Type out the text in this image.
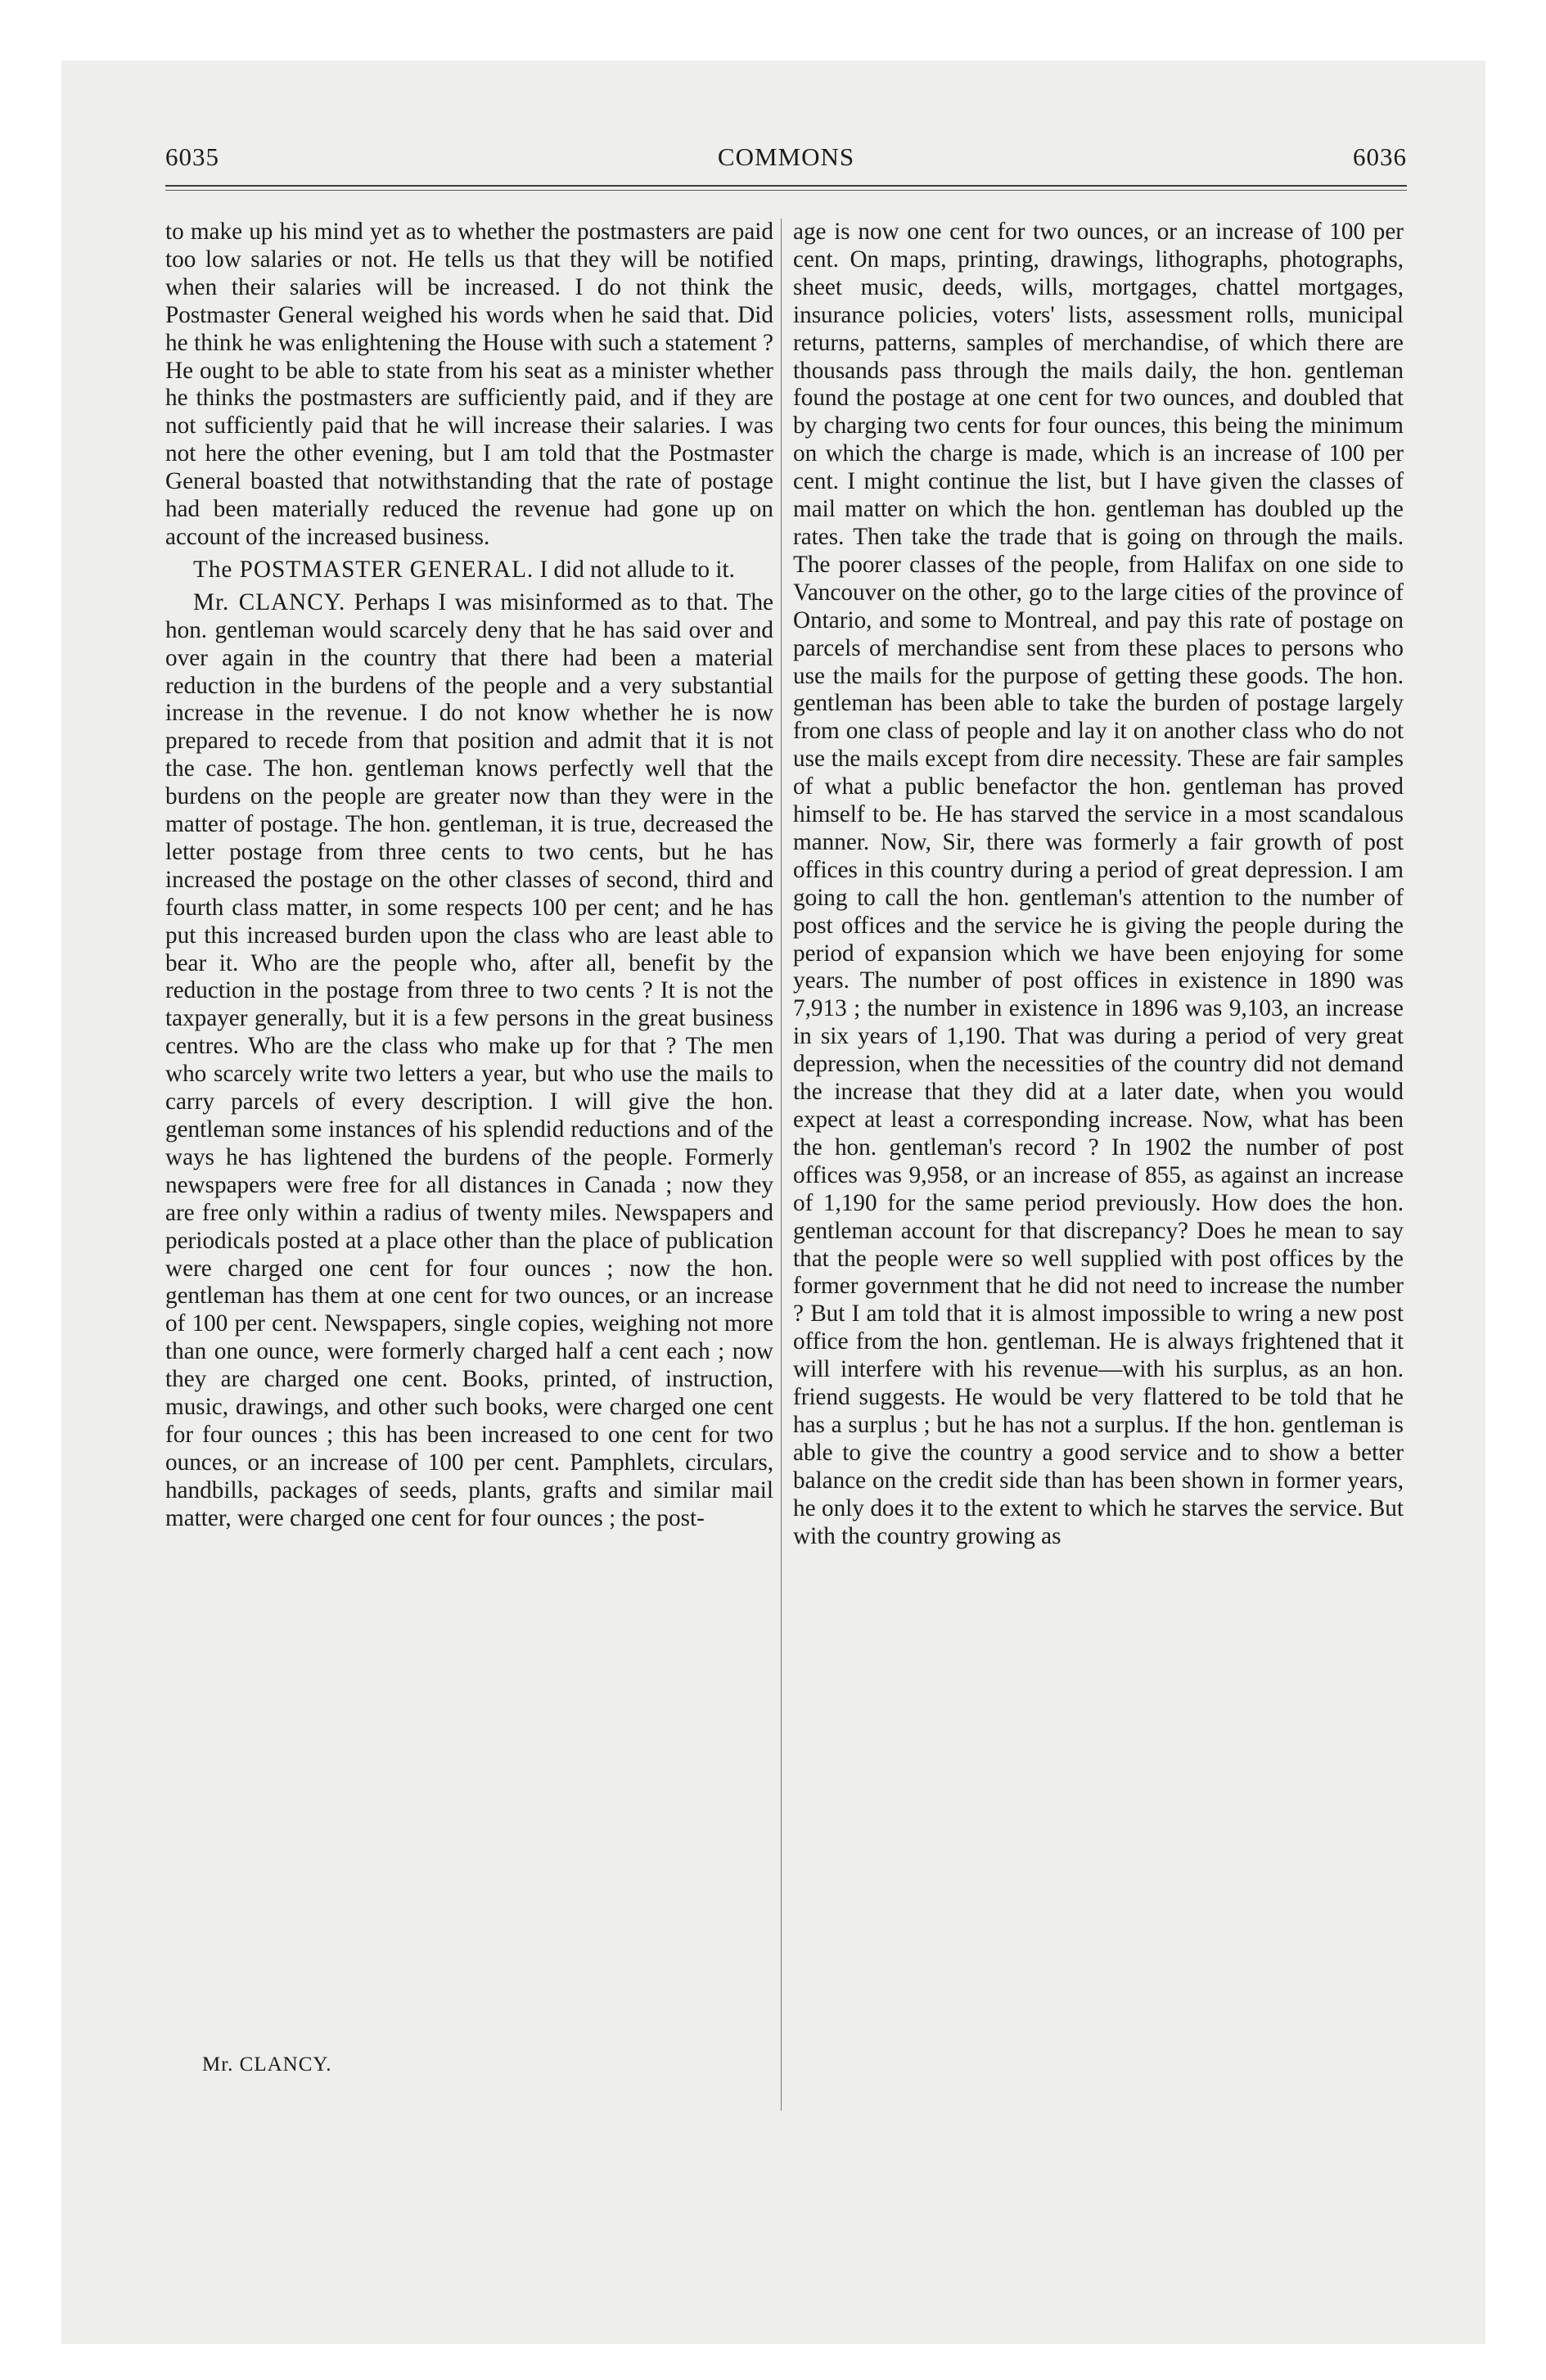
6035	COMMONS	6036

to make up his mind yet as to whether the postmasters are paid too low salaries or not. He tells us that they will be notified when their salaries will be increased. I do not think the Postmaster General weighed his words when he said that. Did he think he was enlightening the House with such a statement ? He ought to be able to state from his seat as a minister whether he thinks the postmasters are sufficiently paid, and if they are not sufficiently paid that he will increase their salaries. I was not here the other evening, but I am told that the Postmaster General boasted that notwithstanding that the rate of postage had been materially reduced the revenue had gone up on account of the increased business.

The POSTMASTER GENERAL. I did not allude to it.

Mr. CLANCY. Perhaps I was misinformed as to that. The hon. gentleman would scarcely deny that he has said over and over again in the country that there had been a material reduction in the burdens of the people and a very substantial increase in the revenue. I do not know whether he is now prepared to recede from that position and admit that it is not the case. The hon. gentleman knows perfectly well that the burdens on the people are greater now than they were in the matter of postage. The hon. gentleman, it is true, decreased the letter postage from three cents to two cents, but he has increased the postage on the other classes of second, third and fourth class matter, in some respects 100 per cent; and he has put this increased burden upon the class who are least able to bear it. Who are the people who, after all, benefit by the reduction in the postage from three to two cents ? It is not the taxpayer generally, but it is a few persons in the great business centres. Who are the class who make up for that ? The men who scarcely write two letters a year, but who use the mails to carry parcels of every description. I will give the hon. gentleman some instances of his splendid reductions and of the ways he has lightened the burdens of the people. Formerly newspapers were free for all distances in Canada ; now they are free only within a radius of twenty miles. Newspapers and periodicals posted at a place other than the place of publication were charged one cent for four ounces ; now the hon. gentleman has them at one cent for two ounces, or an increase of 100 per cent. Newspapers, single copies, weighing not more than one ounce, were formerly charged half a cent each ; now they are charged one cent. Books, printed, of instruction, music, drawings, and other such books, were charged one cent for four ounces ; this has been increased to one cent for two ounces, or an increase of 100 per cent. Pamphlets, circulars, handbills, packages of seeds, plants, grafts and similar mail matter, were charged one cent for four ounces ; the post-

age is now one cent for two ounces, or an increase of 100 per cent. On maps, printing, drawings, lithographs, photographs, sheet music, deeds, wills, mortgages, chattel mortgages, insurance policies, voters' lists, assessment rolls, municipal returns, patterns, samples of merchandise, of which there are thousands pass through the mails daily, the hon. gentleman found the postage at one cent for two ounces, and doubled that by charging two cents for four ounces, this being the minimum on which the charge is made, which is an increase of 100 per cent. I might continue the list, but I have given the classes of mail matter on which the hon. gentleman has doubled up the rates. Then take the trade that is going on through the mails. The poorer classes of the people, from Halifax on one side to Vancouver on the other, go to the large cities of the province of Ontario, and some to Montreal, and pay this rate of postage on parcels of merchandise sent from these places to persons who use the mails for the purpose of getting these goods. The hon. gentleman has been able to take the burden of postage largely from one class of people and lay it on another class who do not use the mails except from dire necessity. These are fair samples of what a public benefactor the hon. gentleman has proved himself to be. He has starved the service in a most scandalous manner. Now, Sir, there was formerly a fair growth of post offices in this country during a period of great depression. I am going to call the hon. gentleman's attention to the number of post offices and the service he is giving the people during the period of expansion which we have been enjoying for some years. The number of post offices in existence in 1890 was 7,913 ; the number in existence in 1896 was 9,103, an increase in six years of 1,190. That was during a period of very great depression, when the necessities of the country did not demand the increase that they did at a later date, when you would expect at least a corresponding increase. Now, what has been the hon. gentleman's record ? In 1902 the number of post offices was 9,958, or an increase of 855, as against an increase of 1,190 for the same period previously. How does the hon. gentleman account for that discrepancy? Does he mean to say that the people were so well supplied with post offices by the former government that he did not need to increase the number ? But I am told that it is almost impossible to wring a new post office from the hon. gentleman. He is always frightened that it will interfere with his revenue—with his surplus, as an hon. friend suggests. He would be very flattered to be told that he has a surplus ; but he has not a surplus. If the hon. gentleman is able to give the country a good service and to show a better balance on the credit side than has been shown in former years, he only does it to the extent to which he starves the service. But with the country growing as

Mr. CLANCY.
